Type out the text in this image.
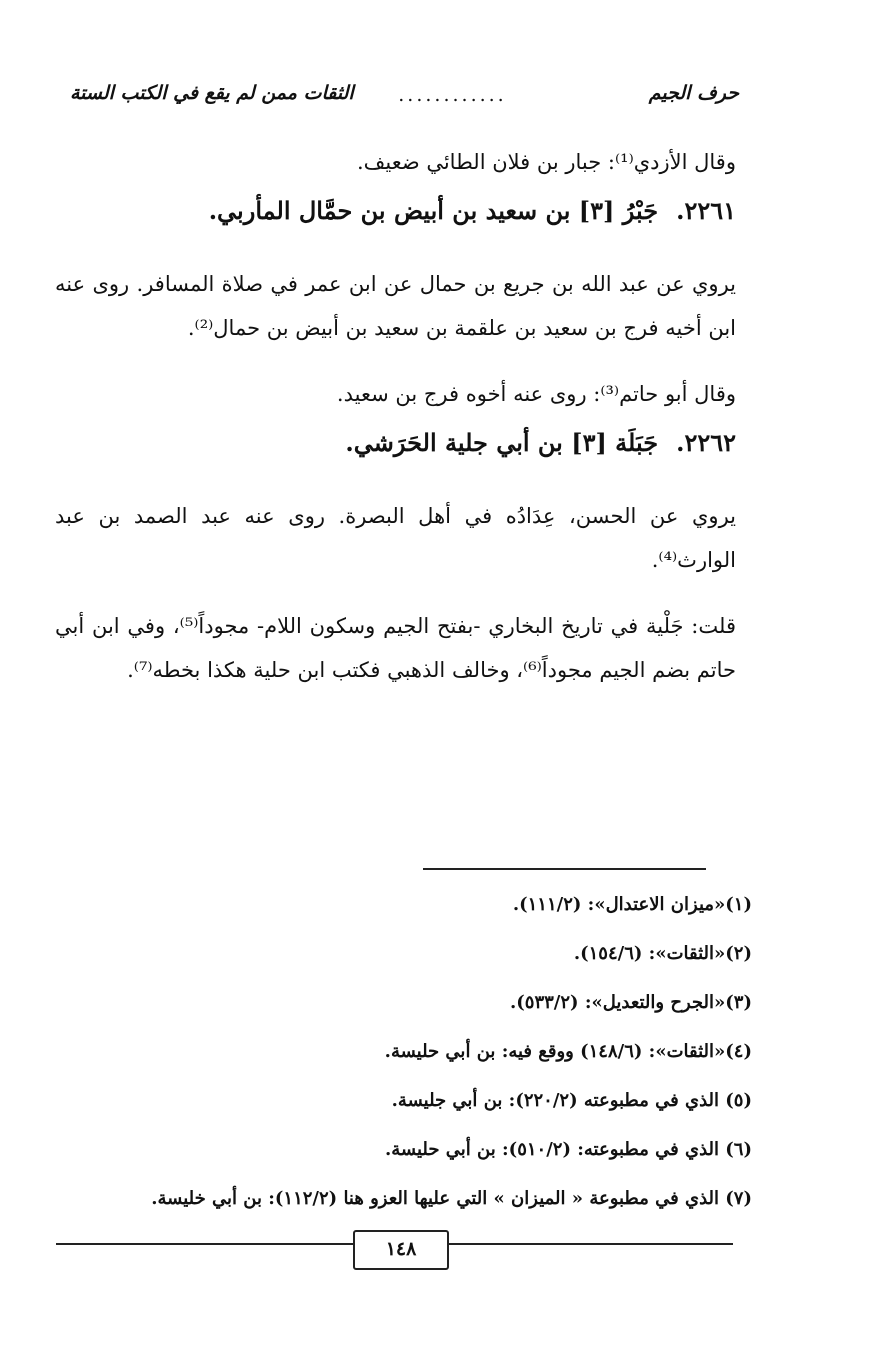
حرف الجيم
............
الثقات ممن لم يقع في الكتب الستة
وقال الأزدي⁽¹⁾: جبار بن فلان الطائي ضعيف.
٢٢٦١.جَبْرُ [٣] بن سعيد بن أبيض بن حمَّال المأربي.
يروي عن عبد الله بن جريع بن حمال عن ابن عمر في صلاة المسافر. روى عنه ابن أخيه فرج بن سعيد بن علقمة بن سعيد بن أبيض بن حمال⁽²⁾.
وقال أبو حاتم⁽³⁾: روى عنه أخوه فرج بن سعيد.
٢٢٦٢.جَبَلَة [٣] بن أبي جلية الحَرَشي.
يروي عن الحسن، عِدَادُه في أهل البصرة. روى عنه عبد الصمد بن عبد الوارث⁽⁴⁾.
قلت: جَلْية في تاريخ البخاري -بفتح الجيم وسكون اللام- مجوداً⁽⁵⁾، وفي ابن أبي حاتم بضم الجيم مجوداً⁽⁶⁾، وخالف الذهبي فكتب ابن حلية هكذا بخطه⁽⁷⁾.
(١)«ميزان الاعتدال»: (١١١/٢).
(٢)«الثقات»: (١٥٤/٦).
(٣)«الجرح والتعديل»: (٥٣٣/٢).
(٤)«الثقات»: (١٤٨/٦) ووقع فيه: بن أبي حليسة.
(٥) الذي في مطبوعته (٢٢٠/٢): بن أبي جليسة.
(٦) الذي في مطبوعته: (٥١٠/٢): بن أبي حليسة.
(٧) الذي في مطبوعة « الميزان » التي عليها العزو هنا (١١٢/٢): بن أبي خليسة.
١٤٨
